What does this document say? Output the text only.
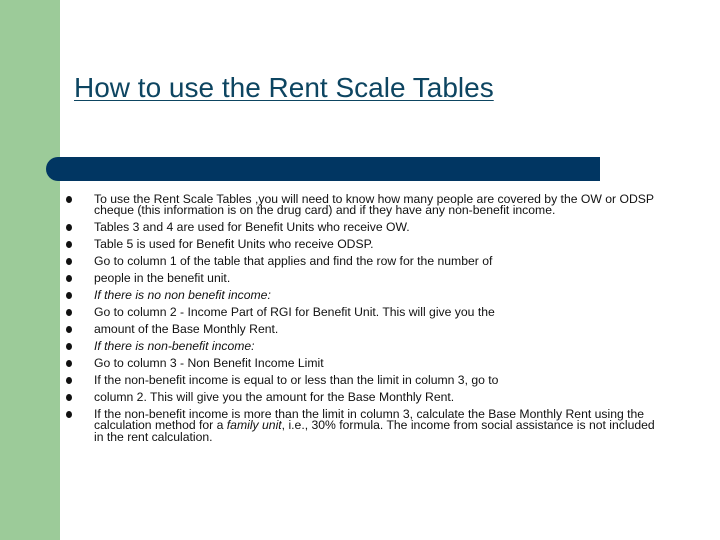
How to use the Rent Scale Tables
To use the Rent Scale Tables ,you will need to know how many people are covered by the OW or ODSP cheque (this information is on the drug card) and if they have any non-benefit income.
Tables 3 and 4 are used for Benefit Units who receive OW.
Table 5 is used for Benefit Units who receive ODSP.
Go to column 1 of the table that applies and find the row for the number of
people in the benefit unit.
If there is no non benefit income:
Go to column 2 - Income Part of RGI for Benefit Unit. This will give you the
amount of the Base Monthly Rent.
If there is non-benefit income:
Go to column 3 - Non Benefit Income Limit
If the non-benefit income is equal to or less than the limit in column 3, go to
column 2. This will give you the amount for the Base Monthly Rent.
If the non-benefit income is more than the limit in column 3, calculate the Base Monthly Rent using the calculation method for a family unit, i.e., 30% formula. The income from social assistance is not included in the rent calculation.
